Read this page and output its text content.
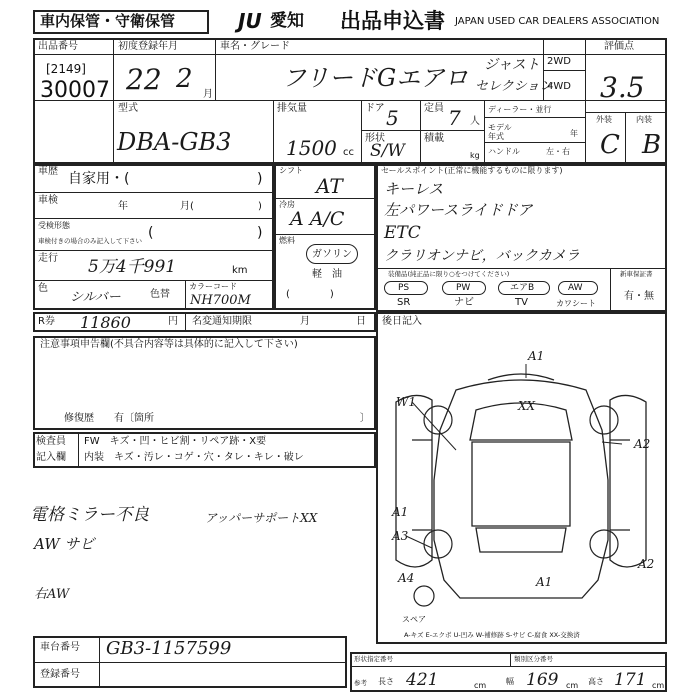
車内保管・守衛保管	JU 愛知 出品申込書 JAPAN USED CAR DEALERS ASSOCIATION
出品番号
[2149]
30007
初度登録年月
22 2
月
車名・グレード
フリードGエアロ ジャスト
セレクション
2WD
4WD
評価点
3.5
型式
DBA-GB3
排気量
1500 cc
ドア 5	定員 7 人
形状
S/W
積載
kg
ディーラー・並行
モデル年式	年
ハンドル	左・右
外装	内装
C B
車歴 自家用・(	)
車検
年	月(	)
受検形態
車検付きの場合のみ記入して下さい (	)
走行 5万4千991	km
色
シルバー	色替
カラーコード
NH700M
シフト
AT
冷房
A A/C
燃料
ガソリン
軽　油
(　　　　)
セールスポイント(正常に機能するものに限ります)
キーレス
左パワースライドドア
ETC
クラリオンナビ，バックカメラ
装備品(純正品に限り○をつけてください)	新車保証書
有・無
PS	PW	エアB	AW
SR	ナビ	TV	カワシート
R券 11860	円 名変通知期限	月	日
注意事項申告欄(不具合内容等は具体的に記入して下さい)
修復歴　　有〔箇所	〕
検査員
記入欄
FW　キズ・凹・ヒビ割・リペア跡・X要
内装　キズ・汚レ・コゲ・穴・タレ・キレ・破レ
電格ミラー不良	アッパーサポートXX
AW サビ
右AW
後日記入
A1
W1	XX
A2
A2
A3
A1
A4	A1
スペア
A-キズ E-エクボ U-凹み W-補修跡 S-サビ C-腐食 XX-交換済
車台番号 GB3-1157599
登録番号
形状指定番号	類別区分番号
参考 長さ 421	cm 幅 169 cm 高さ 171 cm
